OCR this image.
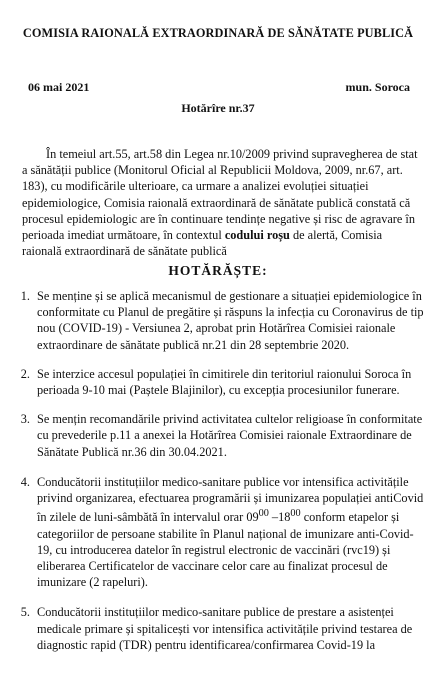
COMISIA RAIONALĂ EXTRAORDINARĂ DE SĂNĂTATE PUBLICĂ
06 mai 2021	mun. Soroca
Hotărîre nr.37

În temeiul art.55, art.58 din Legea nr.10/2009 privind supravegherea de stat a sănătății publice (Monitorul Oficial al Republicii Moldova, 2009, nr.67, art. 183), cu modificările ulterioare, ca urmare a analizei evoluției situației epidemiologice, Comisia raională extraordinară de sănătate publică constată că procesul epidemiologic are în continuare tendințe negative și risc de agravare în perioada imediat următoare, în contextul codului roșu de alertă, Comisia raională extraordinară de sănătate publică

HOTĂRĂȘTE:
1. Se menține și se aplică mecanismul de gestionare a situației epidemiologice în conformitate cu Planul de pregătire și răspuns la infecția cu Coronavirus de tip nou (COVID-19) - Versiunea 2, aprobat prin Hotărîrea Comisiei raionale extraordinare de sănătate publică nr.21 din 28 septembrie 2020.
2. Se interzice accesul populației în cimitirele din teritoriul raionului Soroca în perioada 9-10 mai (Paștele Blajinilor), cu excepția procesiunilor funerare.
3. Se mențin recomandările privind activitatea cultelor religioase în conformitate cu prevederile p.11 a anexei la Hotărîrea Comisiei raionale Extraordinare de Sănătate Publică nr.36 din 30.04.2021.
4. Conducătorii instituțiilor medico-sanitare publice vor intensifica activitățile privind organizarea, efectuarea programării și imunizarea populației antiCovid în zilele de luni-sâmbătă în intervalul orar $09^{00}$ $-18^{00}$ conform etapelor și categoriilor de persoane stabilite în Planul național de imunizare anti-Covid-19, cu introducerea datelor în registrul electronic de vaccinări (rvc19) și eliberarea Certificatelor de vaccinare celor care au finalizat procesul de imunizare (2 rapeluri).
5. Conducătorii instituțiilor medico-sanitare publice de prestare a asistenței medicale primare și spitalicești vor intensifica activitățile privind testarea de diagnostic rapid (TDR) pentru identificarea/confirmarea Covid-19 la
